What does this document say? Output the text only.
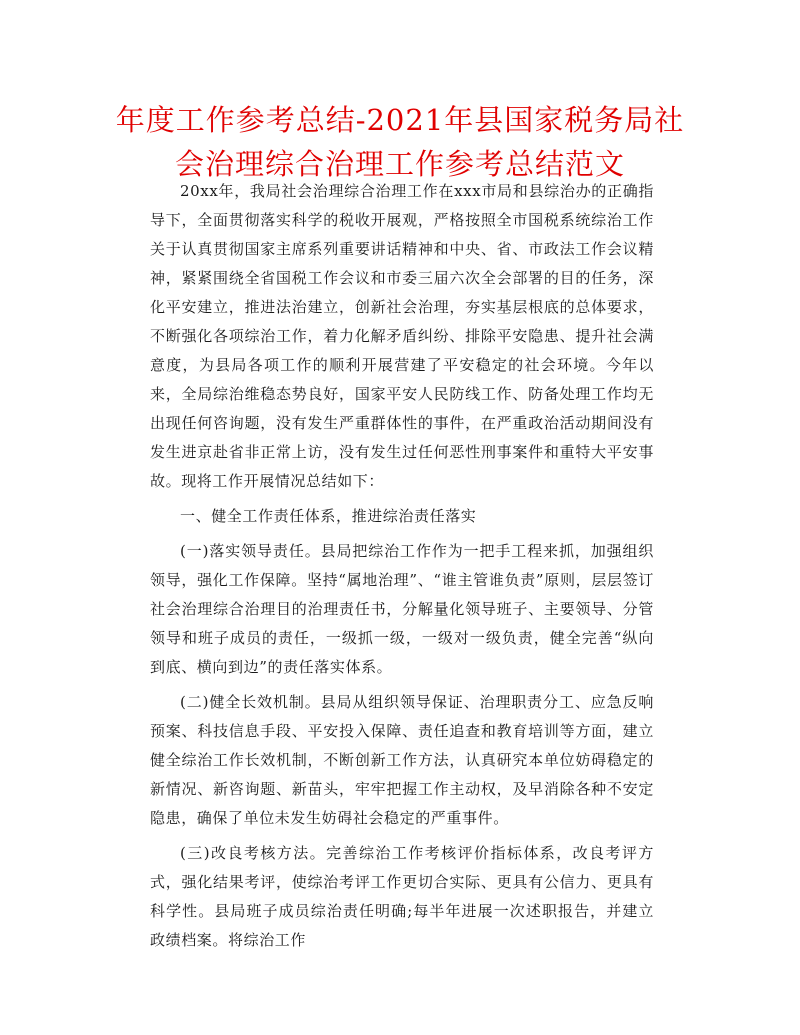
年度工作参考总结-2021年县国家税务局社会治理综合治理工作参考总结范文

20xx年，我局社会治理综合治理工作在xxx市局和县综治办的正确指导下，全面贯彻落实科学的税收开展观，严格按照全市国税系统综治工作关于认真贯彻国家主席系列重要讲话精神和中央、省、市政法工作会议精神，紧紧围绕全省国税工作会议和市委三届六次全会部署的目的任务，深化平安建立，推进法治建立，创新社会治理，夯实基层根底的总体要求，不断强化各项综治工作，着力化解矛盾纠纷、排除平安隐患、提升社会满意度，为县局各项工作的顺利开展营建了平安稳定的社会环境。今年以来，全局综治维稳态势良好，国家平安人民防线工作、防备处理工作均无出现任何咨询题，没有发生严重群体性的事件，在严重政治活动期间没有发生进京赴省非正常上访，没有发生过任何恶性刑事案件和重特大平安事故。现将工作开展情况总结如下：

一、健全工作责任体系，推进综治责任落实

(一)落实领导责任。县局把综治工作作为一把手工程来抓，加强组织领导，强化工作保障。坚持“属地治理”、“谁主管谁负责”原则，层层签订社会治理综合治理目的治理责任书，分解量化领导班子、主要领导、分管领导和班子成员的责任，一级抓一级，一级对一级负责，健全完善“纵向到底、横向到边”的责任落实体系。

(二)健全长效机制。县局从组织领导保证、治理职责分工、应急反响预案、科技信息手段、平安投入保障、责任追查和教育培训等方面，建立健全综治工作长效机制，不断创新工作方法，认真研究本单位妨碍稳定的新情况、新咨询题、新苗头，牢牢把握工作主动权，及早消除各种不安定隐患，确保了单位未发生妨碍社会稳定的严重事件。

(三)改良考核方法。完善综治工作考核评价指标体系，改良考评方式，强化结果考评，使综治考评工作更切合实际、更具有公信力、更具有科学性。县局班子成员综治责任明确;每半年进展一次述职报告，并建立政绩档案。将综治工作
